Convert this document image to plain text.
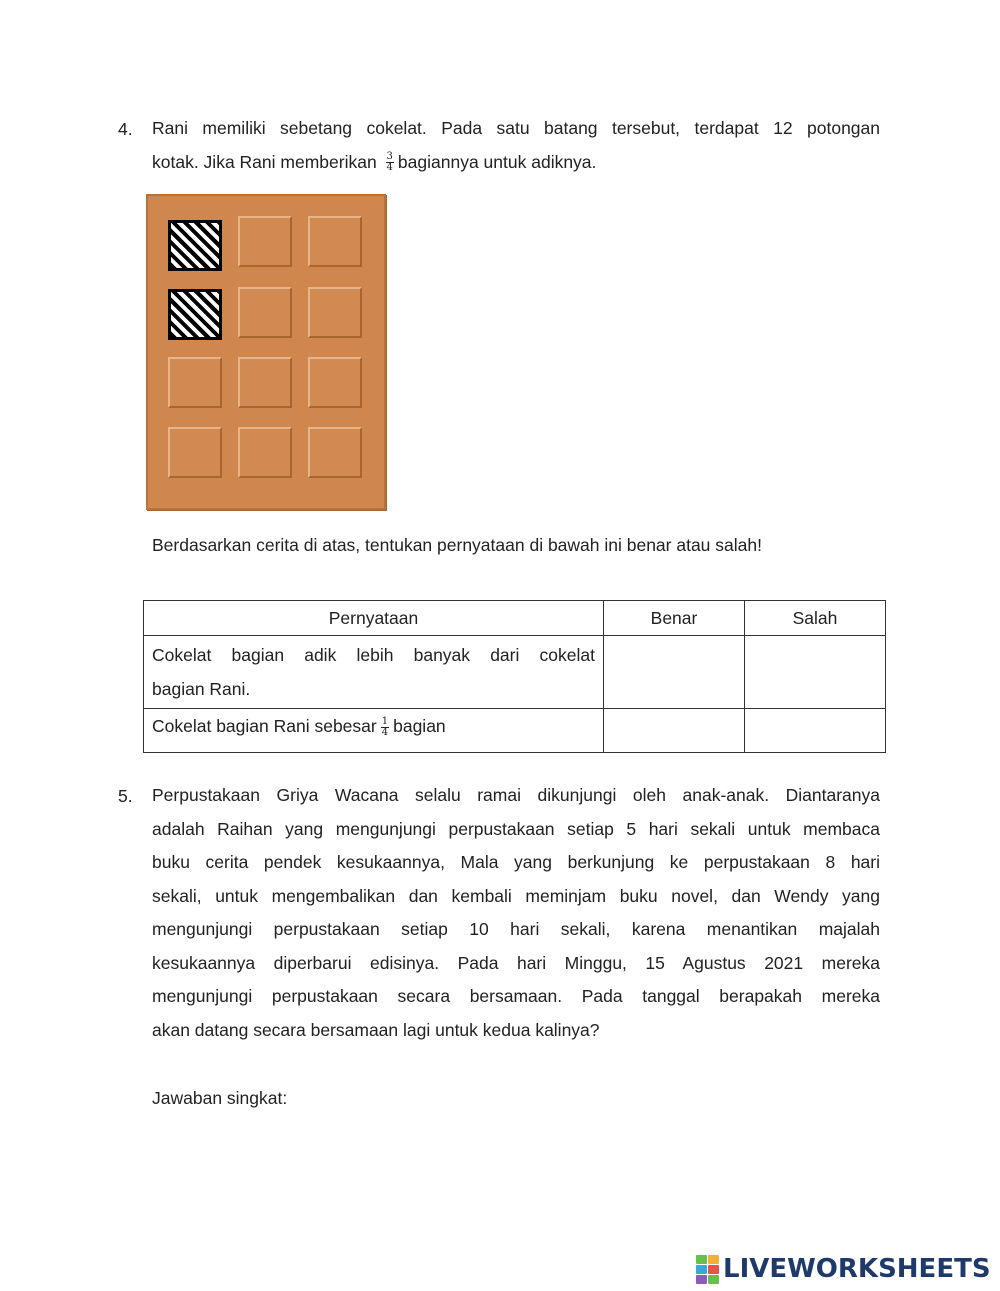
4. Rani memiliki sebetang cokelat. Pada satu batang tersebut, terdapat 12 potongan
kotak. Jika Rani memberikan $\frac{3}{4}$ bagiannya untuk adiknya.
Berdasarkan cerita di atas, tentukan pernyataan di bawah ini benar atau salah!
Pernyataan	Benar	Salah

Cokelat bagian adik lebih banyak dari cokelat
bagian Rani.		
Cokelat bagian Rani sebesar $\frac{1}{4}$ bagian		
5. Perpustakaan Griya Wacana selalu ramai dikunjungi oleh anak-anak. Diantaranya
adalah Raihan yang mengunjungi perpustakaan setiap 5 hari sekali untuk membaca
buku cerita pendek kesukaannya, Mala yang berkunjung ke perpustakaan 8 hari
sekali, untuk mengembalikan dan kembali meminjam buku novel, dan Wendy yang
mengunjungi perpustakaan setiap 10 hari sekali, karena menantikan majalah
kesukaannya diperbarui edisinya. Pada hari Minggu, 15 Agustus 2021 mereka
mengunjungi perpustakaan secara bersamaan. Pada tanggal berapakah mereka
akan datang secara bersamaan lagi untuk kedua kalinya?
Jawaban singkat:
LIVEWORKSHEETS
